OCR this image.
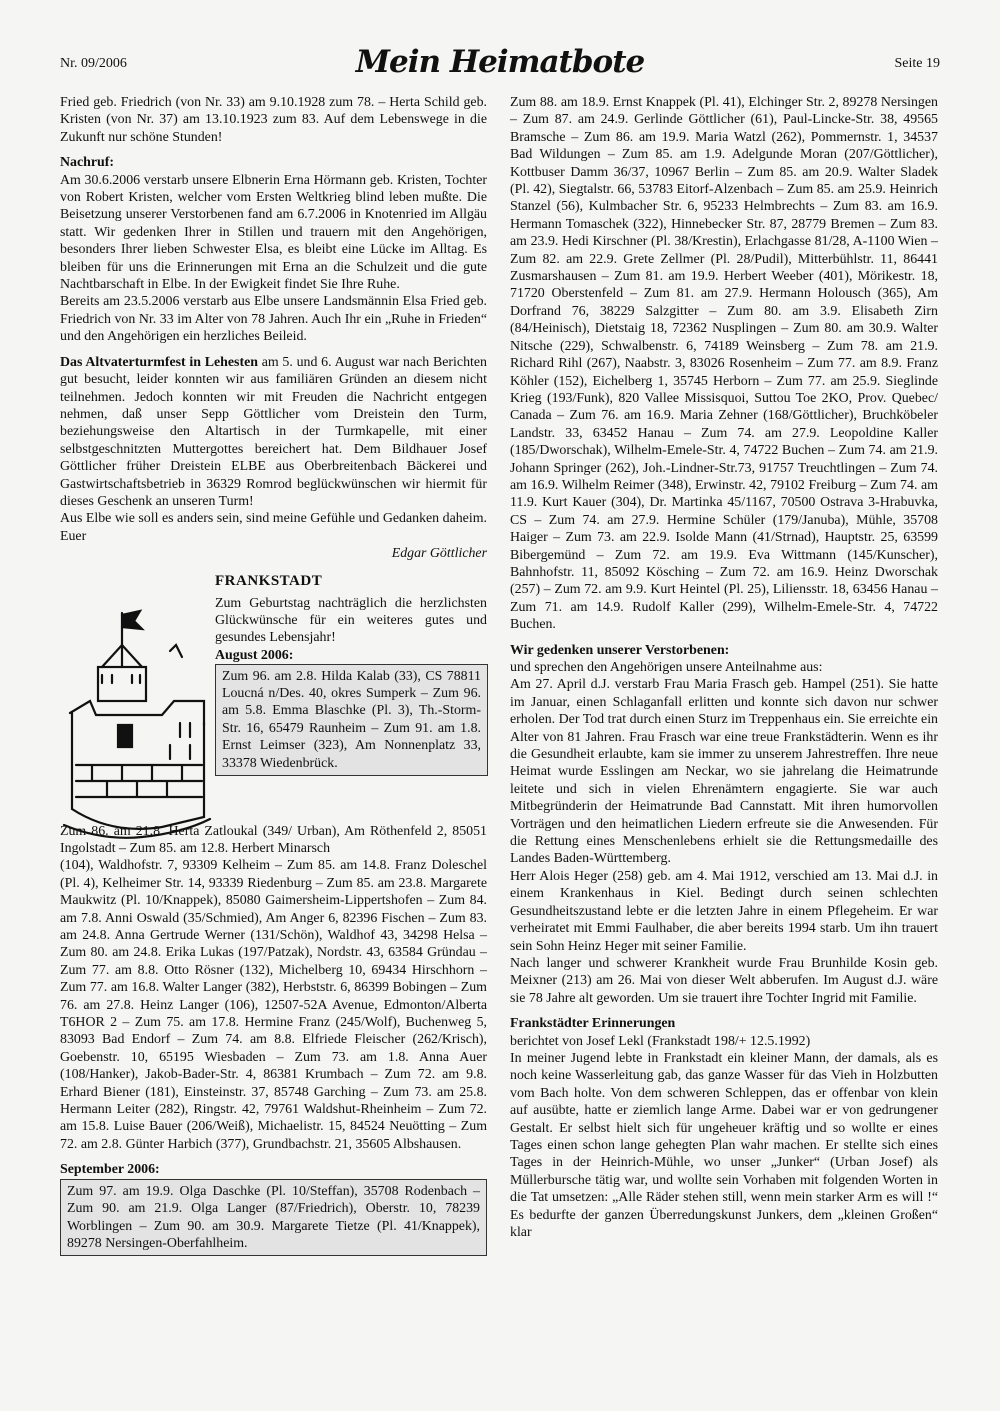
Nr. 09/2006	Mein Heimatbote	Seite 19

Fried geb. Friedrich (von Nr. 33) am 9.10.1928 zum 78. – Herta Schild geb. Kristen (von Nr. 37) am 13.10.1923 zum 83. Auf dem Lebenswege in die Zukunft nur schöne Stunden!

Nachruf:

Am 30.6.2006 verstarb unsere Elbnerin Erna Hörmann geb. Kristen, Tochter von Robert Kristen, welcher vom Ersten Weltkrieg blind leben mußte. Die Beisetzung unserer Verstorbenen fand am 6.7.2006 in Knotenried im Allgäu statt. Wir gedenken Ihrer in Stillen und trauern mit den Angehörigen, besonders Ihrer lieben Schwester Elsa, es bleibt eine Lücke im Alltag. Es bleiben für uns die Erinnerungen mit Erna an die Schulzeit und die gute Nachtbarschaft in Elbe. In der Ewigkeit findet Sie Ihre Ruhe.

Bereits am 23.5.2006 verstarb aus Elbe unsere Landsmännin Elsa Fried geb. Friedrich von Nr. 33 im Alter von 78 Jahren. Auch Ihr ein „Ruhe in Frieden“ und den Angehörigen ein herzliches Beileid.

Das Altvaterturmfest in Lehesten am 5. und 6. August war nach Berichten gut besucht, leider konnten wir aus familiären Gründen an diesem nicht teilnehmen. Jedoch konnten wir mit Freuden die Nachricht entgegen nehmen, daß unser Sepp Göttlicher vom Dreistein den Turm, beziehungsweise den Altartisch in der Turmkapelle, mit einer selbstgeschnitzten Muttergottes bereichert hat. Dem Bildhauer Josef Göttlicher früher Dreistein ELBE aus Oberbreitenbach Bäckerei und Gastwirtschaftsbetrieb in 36329 Romrod beglückwünschen wir hiermit für dieses Geschenk an unseren Turm!

Aus Elbe wie soll es anders sein, sind meine Gefühle und Gedanken daheim. Euer

Edgar Göttlicher

FRANKSTADT

Zum Geburtstag nachträglich die herzlichsten Glückwünsche für ein weiteres gutes und gesundes Lebensjahr!
August 2006:

Zum 96. am 2.8. Hilda Kalab (33), CS 78811 Loucná n/Des. 40, okres Sumperk – Zum 96. am 5.8. Emma Blaschke (Pl. 3), Th.-Storm-Str. 16, 65479 Raunheim – Zum 91. am 1.8. Ernst Leimser (323), Am Nonnenplatz 33, 33378 Wiedenbrück.

Zum 86. am 21.8. Herta Zatloukal (349/ Urban), Am Röthenfeld 2, 85051 Ingolstadt – Zum 85. am 12.8. Herbert Minarsch

(104), Waldhofstr. 7, 93309 Kelheim – Zum 85. am 14.8. Franz Doleschel (Pl. 4), Kelheimer Str. 14, 93339 Riedenburg – Zum 85. am 23.8. Margarete Maukwitz (Pl. 10/Knappek), 85080 Gaimersheim-Lippertshofen – Zum 84. am 7.8. Anni Oswald (35/Schmied), Am Anger 6, 82396 Fischen – Zum 83. am 24.8. Anna Gertrude Werner (131/Schön), Waldhof 43, 34298 Helsa – Zum 80. am 24.8. Erika Lukas (197/Patzak), Nordstr. 43, 63584 Gründau – Zum 77. am 8.8. Otto Rösner (132), Michelberg 10, 69434 Hirschhorn – Zum 77. am 16.8. Walter Langer (382), Herbststr. 6, 86399 Bobingen – Zum 76. am 27.8. Heinz Langer (106), 12507-52A Avenue, Edmonton/Alberta T6HOR 2 – Zum 75. am 17.8. Hermine Franz (245/Wolf), Buchenweg 5, 83093 Bad Endorf – Zum 74. am 8.8. Elfriede Fleischer (262/Krisch), Goebenstr. 10, 65195 Wiesbaden – Zum 73. am 1.8. Anna Auer (108/Hanker), Jakob-Bader-Str. 4, 86381 Krumbach – Zum 72. am 9.8. Erhard Biener (181), Einsteinstr. 37, 85748 Garching – Zum 73. am 25.8. Hermann Leiter (282), Ringstr. 42, 79761 Waldshut-Rheinheim – Zum 72. am 15.8. Luise Bauer (206/Weiß), Michaelistr. 15, 84524 Neuötting – Zum 72. am 2.8. Günter Harbich (377), Grundbachstr. 21, 35605 Albshausen.

September 2006:

Zum 97. am 19.9. Olga Daschke (Pl. 10/Steffan), 35708 Rodenbach – Zum 90. am 21.9. Olga Langer (87/Friedrich), Oberstr. 10, 78239 Worblingen – Zum 90. am 30.9. Margarete Tietze (Pl. 41/Knappek), 89278 Nersingen-Oberfahlheim.

Zum 88. am 18.9. Ernst Knappek (Pl. 41), Elchinger Str. 2, 89278 Nersingen – Zum 87. am 24.9. Gerlinde Göttlicher (61), Paul-Lincke-Str. 38, 49565 Bramsche – Zum 86. am 19.9. Maria Watzl (262), Pommernstr. 1, 34537 Bad Wildungen – Zum 85. am 1.9. Adelgunde Moran (207/Göttlicher), Kottbuser Damm 36/37, 10967 Berlin – Zum 85. am 20.9. Walter Sladek (Pl. 42), Siegtalstr. 66, 53783 Eitorf-Alzenbach – Zum 85. am 25.9. Heinrich Stanzel (56), Kulmbacher Str. 6, 95233 Helmbrechts – Zum 83. am 16.9. Hermann Tomaschek (322), Hinnebecker Str. 87, 28779 Bremen – Zum 83. am 23.9. Hedi Kirschner (Pl. 38/Krestin), Erlachgasse 81/28, A-1100 Wien – Zum 82. am 22.9. Grete Zellmer (Pl. 28/Pudil), Mitterbühlstr. 11, 86441 Zusmarshausen – Zum 81. am 19.9. Herbert Weeber (401), Mörikestr. 18, 71720 Oberstenfeld – Zum 81. am 27.9. Hermann Holousch (365), Am Dorfrand 76, 38229 Salzgitter – Zum 80. am 3.9. Elisabeth Zirn (84/Heinisch), Dietstaig 18, 72362 Nusplingen – Zum 80. am 30.9. Walter Nitsche (229), Schwalbenstr. 6, 74189 Weinsberg – Zum 78. am 21.9. Richard Rihl (267), Naabstr. 3, 83026 Rosenheim – Zum 77. am 8.9. Franz Köhler (152), Eichelberg 1, 35745 Herborn – Zum 77. am 25.9. Sieglinde Krieg (193/Funk), 820 Vallee Missisquoi, Suttou Toe 2KO, Prov. Quebec/ Canada – Zum 76. am 16.9. Maria Zehner (168/Göttlicher), Bruchköbeler Landstr. 33, 63452 Hanau – Zum 74. am 27.9. Leopoldine Kaller (185/Dworschak), Wilhelm-Emele-Str. 4, 74722 Buchen – Zum 74. am 21.9. Johann Springer (262), Joh.-Lindner-Str.73, 91757 Treuchtlingen – Zum 74. am 16.9. Wilhelm Reimer (348), Erwinstr. 42, 79102 Freiburg – Zum 74. am 11.9. Kurt Kauer (304), Dr. Martinka 45/1167, 70500 Ostrava 3-Hrabuvka, CS – Zum 74. am 27.9. Hermine Schüler (179/Januba), Mühle, 35708 Haiger – Zum 73. am 22.9. Isolde Mann (41/Strnad), Hauptstr. 25, 63599 Bibergemünd – Zum 72. am 19.9. Eva Wittmann (145/Kunscher), Bahnhofstr. 11, 85092 Kösching – Zum 72. am 16.9. Heinz Dworschak (257) – Zum 72. am 9.9. Kurt Heintel (Pl. 25), Liliensstr. 18, 63456 Hanau – Zum 71. am 14.9. Rudolf Kaller (299), Wilhelm-Emele-Str. 4, 74722 Buchen.

Wir gedenken unserer Verstorbenen:

und sprechen den Angehörigen unsere Anteilnahme aus:

Am 27. April d.J. verstarb Frau Maria Frasch geb. Hampel (251). Sie hatte im Januar, einen Schlaganfall erlitten und konnte sich davon nur schwer erholen. Der Tod trat durch einen Sturz im Treppenhaus ein. Sie erreichte ein Alter von 81 Jahren. Frau Frasch war eine treue Frankstädterin. Wenn es ihr die Gesundheit erlaubte, kam sie immer zu unserem Jahrestreffen. Ihre neue Heimat wurde Esslingen am Neckar, wo sie jahrelang die Heimatrunde leitete und sich in vielen Ehrenämtern engagierte. Sie war auch Mitbegründerin der Heimatrunde Bad Cannstatt. Mit ihren humorvollen Vorträgen und den heimatlichen Liedern erfreute sie die Anwesenden. Für die Rettung eines Menschenlebens erhielt sie die Rettungsmedaille des Landes Baden-Württemberg.

Herr Alois Heger (258) geb. am 4. Mai 1912, verschied am 13. Mai d.J. in einem Krankenhaus in Kiel. Bedingt durch seinen schlechten Gesundheitszustand lebte er die letzten Jahre in einem Pflegeheim. Er war verheiratet mit Emmi Faulhaber, die aber bereits 1994 starb. Um ihn trauert sein Sohn Heinz Heger mit seiner Familie.

Nach langer und schwerer Krankheit wurde Frau Brunhilde Kosin geb. Meixner (213) am 26. Mai von dieser Welt abberufen. Im August d.J. wäre sie 78 Jahre alt geworden. Um sie trauert ihre Tochter Ingrid mit Familie.

Frankstädter Erinnerungen

berichtet von Josef Lekl (Frankstadt 198/+ 12.5.1992)

In meiner Jugend lebte in Frankstadt ein kleiner Mann, der damals, als es noch keine Wasserleitung gab, das ganze Wasser für das Vieh in Holzbutten vom Bach holte. Von dem schweren Schleppen, das er offenbar von klein auf ausübte, hatte er ziemlich lange Arme. Dabei war er von gedrungener Gestalt. Er selbst hielt sich für ungeheuer kräftig und so wollte er eines Tages einen schon lange gehegten Plan wahr machen. Er stellte sich eines Tages in der Heinrich-Mühle, wo unser „Junker“ (Urban Josef) als Müllerbursche tätig war, und wollte sein Vorhaben mit folgenden Worten in die Tat umsetzen: „Alle Räder stehen still, wenn mein starker Arm es will !“ Es bedurfte der ganzen Überredungskunst Junkers, dem „kleinen Großen“ klar
